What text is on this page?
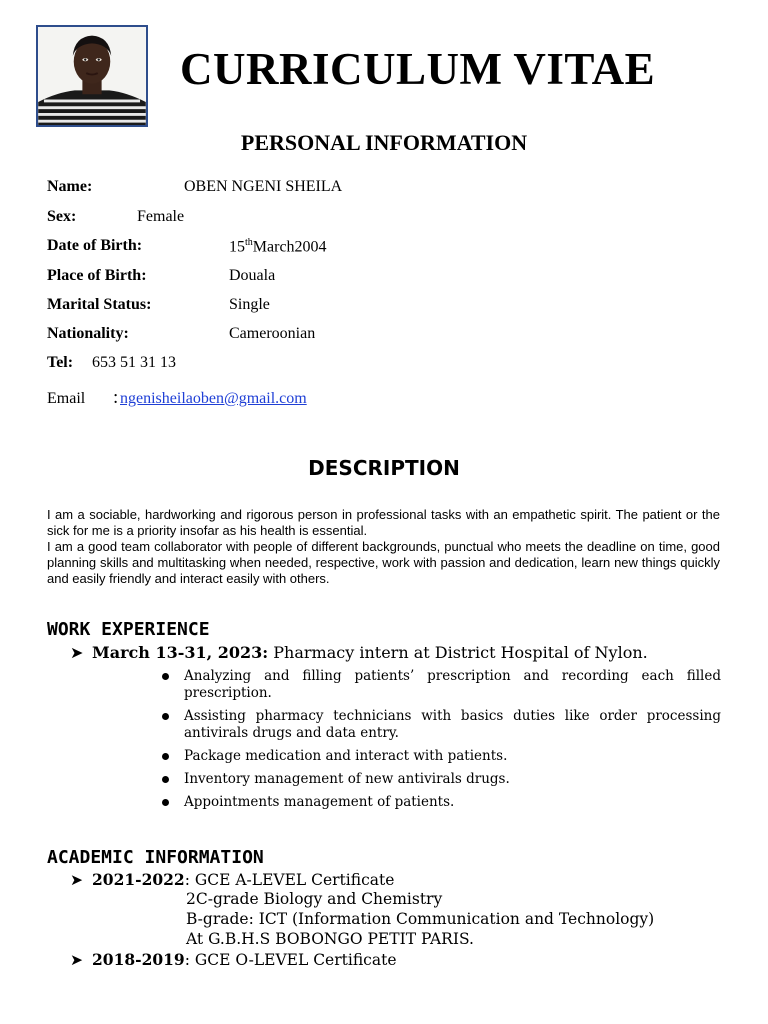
CURRICULUM VITAE
PERSONAL INFORMATION
Name:	OBEN NGENI SHEILA
Sex:	Female
Date of Birth:	15thMarch2004
Place of Birth:	Douala
Marital Status:	Single
Nationality:	Cameroonian
Tel: 653 51 31 13
Email : ngenisheilaoben@gmail.com
DESCRIPTION

I am a sociable, hardworking and rigorous person in professional tasks with an empathetic spirit. The patient or the sick for me is a priority insofar as his health is essential.

I am a good team collaborator with people of different backgrounds, punctual who meets the deadline on time, good planning skills and multitasking when needed, respective, work with passion and dedication, learn new things quickly and easily friendly and interact easily with others.

WORK EXPERIENCE
➤ March 13-31, 2023: Pharmacy intern at District Hospital of Nylon.
Analyzing and filling patients’ prescription and recording each filled prescription.
Assisting pharmacy technicians with basics duties like order processing antivirals drugs and data entry.
Package medication and interact with patients.
Inventory management of new antivirals drugs.
Appointments management of patients.
ACADEMIC INFORMATION
➤ 2021-2022: GCE A-LEVEL Certificate
2C-grade Biology and Chemistry
B-grade: ICT (Information Communication and Technology)
At G.B.H.S BOBONGO PETIT PARIS.
➤ 2018-2019: GCE O-LEVEL Certificate
